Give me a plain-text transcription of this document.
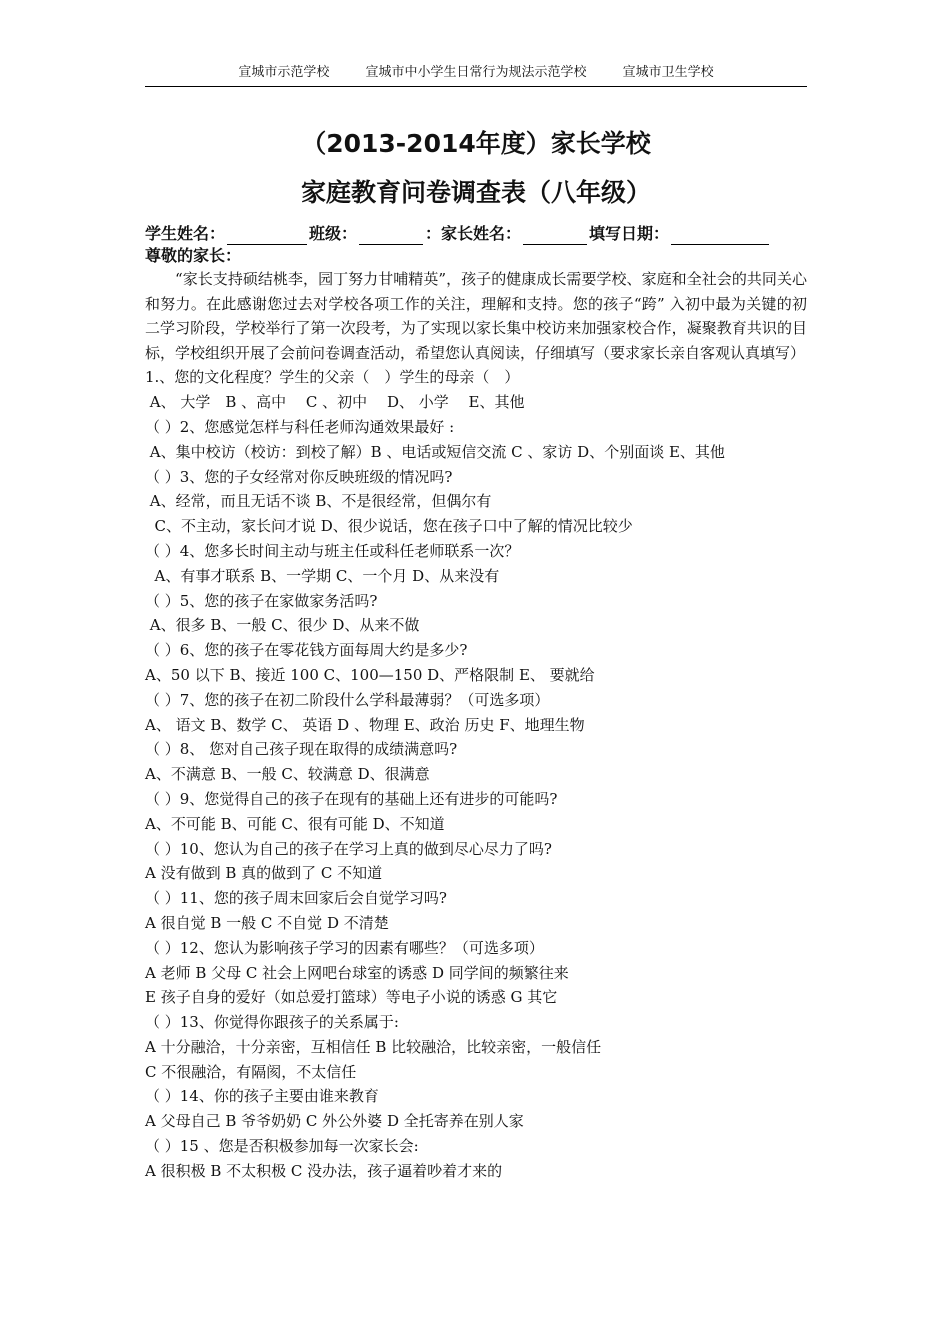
宣城市示范学校	宣城市中小学生日常行为规法示范学校	宣城市卫生学校
（2013-2014年度）家长学校
家庭教育问卷调查表（八年级）
学生姓名：	班级：	：家长姓名：	填写日期：
尊敬的家长：

“家长支持硕结桃李，园丁努力甘哺精英”，孩子的健康成长需要学校、家庭和全社会的共同关心和努力。在此感谢您过去对学校各项工作的关注，理解和支持。您的孩子“跨” 入初中最为关键的初二学习阶段，学校举行了第一次段考，为了实现以家长集中校访来加强家校合作，凝聚教育共识的目标，学校组织开展了会前问卷调查活动，希望您认真阅读，仔细填写（要求家长亲自客观认真填写）

1.、您的文化程度？学生的父亲（　）学生的母亲（　）
A、 大学　B 、高中　 C 、初中　 D、 小学　 E、其他
（ ）2、您感觉怎样与科任老师沟通效果最好 :
A、集中校访（校访：到校了解）B 、电话或短信交流 C 、家访 D、个别面谈 E、其他
（ ）3、您的子女经常对你反映班级的情况吗?
A、经常，而且无话不谈 B、不是很经常，但偶尔有
C、不主动，家长问才说 D、很少说话，您在孩子口中了解的情况比较少
（ ）4、您多长时间主动与班主任或科任老师联系一次？
A、有事才联系 B、一学期 C、一个月 D、从来没有
（ ）5、您的孩子在家做家务活吗?
A、很多 B、一般 C、很少 D、从来不做
（ ）6、您的孩子在零花钱方面每周大约是多少?
A、50 以下 B、接近 100 C、100—150 D、严格限制 E、 要就给
（ ）7、您的孩子在初二阶段什么学科最薄弱？（可选多项）
A、 语文 B、数学 C、 英语 D 、物理 E、政治 历史 F、地理生物
（ ）8、 您对自己孩子现在取得的成绩满意吗?
A、不满意 B、一般 C、较满意 D、很满意
（ ）9、您觉得自己的孩子在现有的基础上还有进步的可能吗?
A、不可能 B、可能 C、很有可能 D、不知道
（ ）10、您认为自己的孩子在学习上真的做到尽心尽力了吗?
A 没有做到 B 真的做到了 C 不知道
（ ）11、您的孩子周末回家后会自觉学习吗?
A 很自觉 B 一般 C 不自觉 D 不清楚
（ ）12、您认为影响孩子学习的因素有哪些？（可选多项）
A 老师 B 父母 C 社会上网吧台球室的诱惑 D 同学间的频繁往来
E 孩子自身的爱好（如总爱打篮球）等电子小说的诱惑 G 其它
（ ）13、你觉得你跟孩子的关系属于:
A 十分融洽，十分亲密，互相信任 B 比较融洽，比较亲密，一般信任
C 不很融洽，有隔阂，不太信任
（ ）14、你的孩子主要由谁来教育
A 父母自己 B 爷爷奶奶 C 外公外婆 D 全托寄养在别人家
（ ）15 、您是否积极参加每一次家长会:
A 很积极 B 不太积极 C 没办法，孩子逼着吵着才来的
